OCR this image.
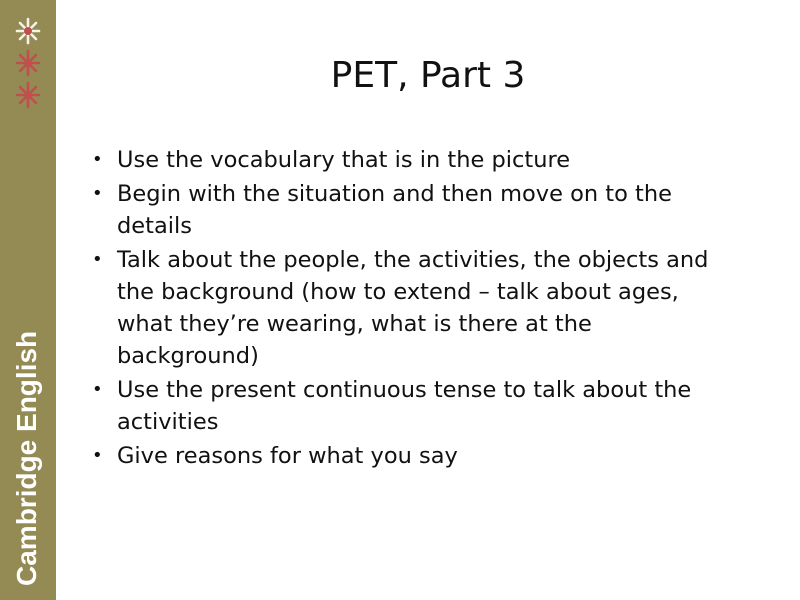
Cambridge English
PET, Part 3
• Use the vocabulary that is in the picture
• Begin with the situation and then move on to the details
• Talk about the people, the activities, the objects and the background (how to extend – talk about ages, what they’re wearing, what is there at the background)
• Use the present continuous tense to talk about the activities
• Give reasons for what you say
